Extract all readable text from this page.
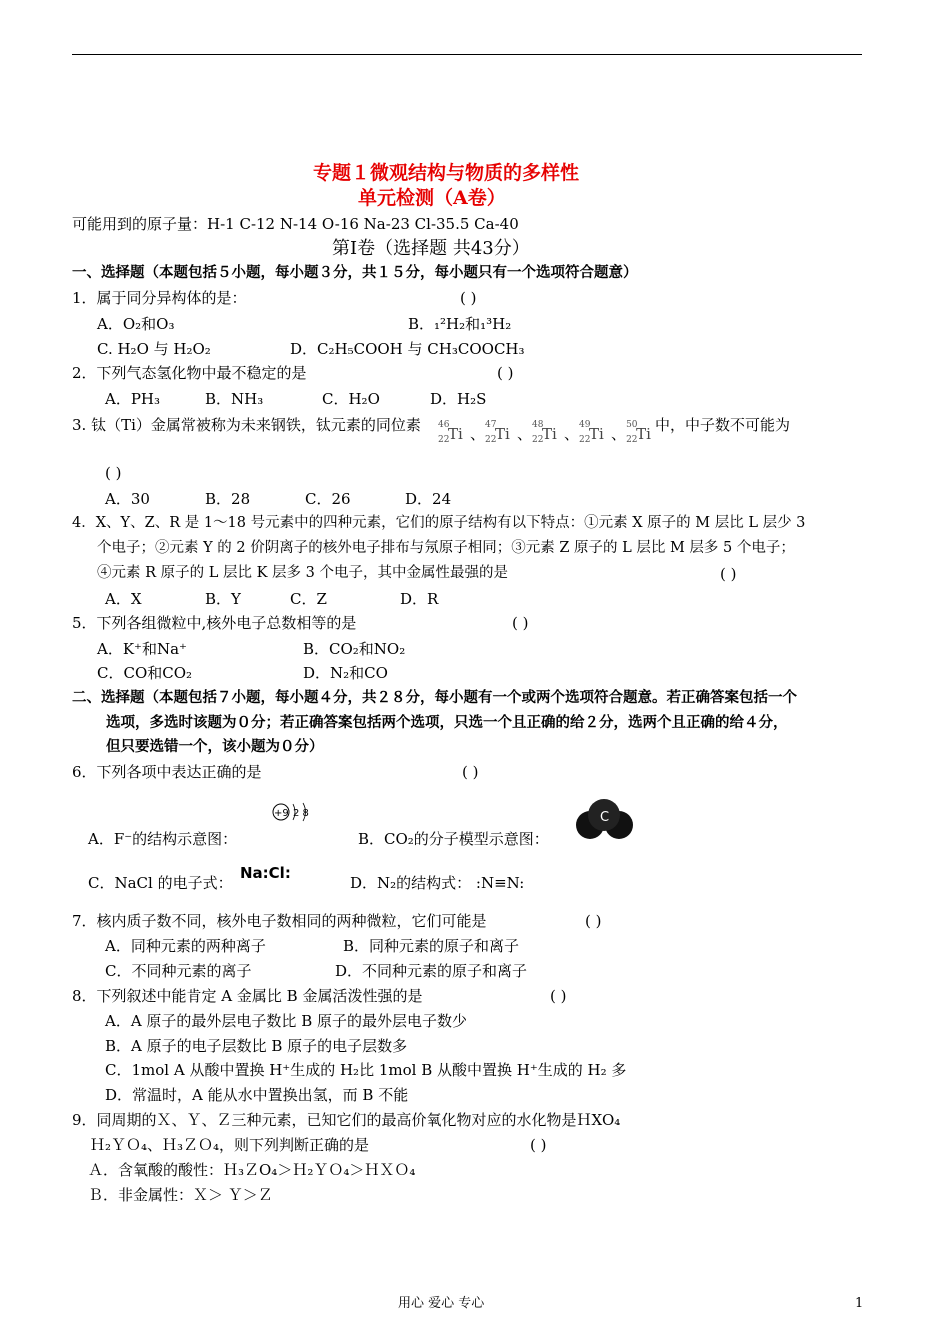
专题１微观结构与物质的多样性
单元检测（A卷）
可能用到的原子量：H-1 C-12 N-14 O-16 Na-23 Cl-35.5 Ca-40
第Ⅰ卷（选择题 共43分）
一、选择题（本题包括５小题，每小题３分，共１５分，每小题只有一个选项符合题意）
1．属于同分异构体的是：	( )
A．O₂和O₃	B．₁²H₂和₁³H₂
C. H₂O 与 H₂O₂	D．C₂H₅COOH 与 CH₃COOCH₃
2．下列气态氢化物中最不稳定的是	( )
A．PH₃	B．NH₃	C．H₂O	D．H₂S
3. 钛（Ti）金属常被称为未来钢铁，钛元素的同位素 46
22
Ti 、 47
22
Ti 、 48
22
Ti 、 49
22
Ti 、 50
22
Ti 中，中子数不可能为
( )
A．30	B．28	C．26	D．24
4．X、Y、Z、R 是 1～18 号元素中的四种元素，它们的原子结构有以下特点：①元素 X 原子的 M 层比 L 层少 3
个电子；②元素 Y 的 2 价阴离子的核外电子排布与氖原子相同；③元素 Z 原子的 L 层比 M 层多 5 个电子；
④元素 R 原子的 L 层比 K 层多 3 个电子，其中金属性最强的是	( )
A．X	B．Y	C．Z	D．R
5．下列各组微粒中,核外电子总数相等的是	( )
A．K⁺和Na⁺	B．CO₂和NO₂
C．CO和CO₂	D．N₂和CO
二、选择题（本题包括７小题，每小题４分，共２８分，每小题有一个或两个选项符合题意。若正确答案包括一个
选项，多选时该题为０分；若正确答案包括两个选项，只选一个且正确的给２分，选两个且正确的给４分，
但只要选错一个，该小题为０分）
6．下列各项中表达正确的是	( )
+9 2 8
A．F⁻的结构示意图：	B．CO₂的分子模型示意图：
C
C．NaCl 的电子式：
Na:Cl:
D．N₂的结构式： :N≡N:
7．核内质子数不同，核外电子数相同的两种微粒，它们可能是	( )
A．同种元素的两种离子	B．同种元素的原子和离子
C．不同种元素的离子	D．不同种元素的原子和离子
8．下列叙述中能肯定 A 金属比 B 金属活泼性强的是	( )
A．A 原子的最外层电子数比 B 原子的最外层电子数少
B．A 原子的电子层数比 B 原子的电子层数多
C．1mol A 从酸中置换 H⁺生成的 H₂比 1mol B 从酸中置换 H⁺生成的 H₂ 多
D．常温时，A 能从水中置换出氢，而 B 不能
9．同周期的Ｘ、Ｙ、Ｚ三种元素，已知它们的最高价氧化物对应的水化物是ＨXO₄
Ｈ₂ＹＯ₄、Ｈ₃ＺＯ₄，则下列判断正确的是	( )
Ａ．含氧酸的酸性：Ｈ₃ＺO₄＞Ｈ₂ＹＯ₄＞ＨＸＯ₄
Ｂ．非金属性：Ｘ＞ Ｙ＞Ｚ
用心 爱心 专心	1
